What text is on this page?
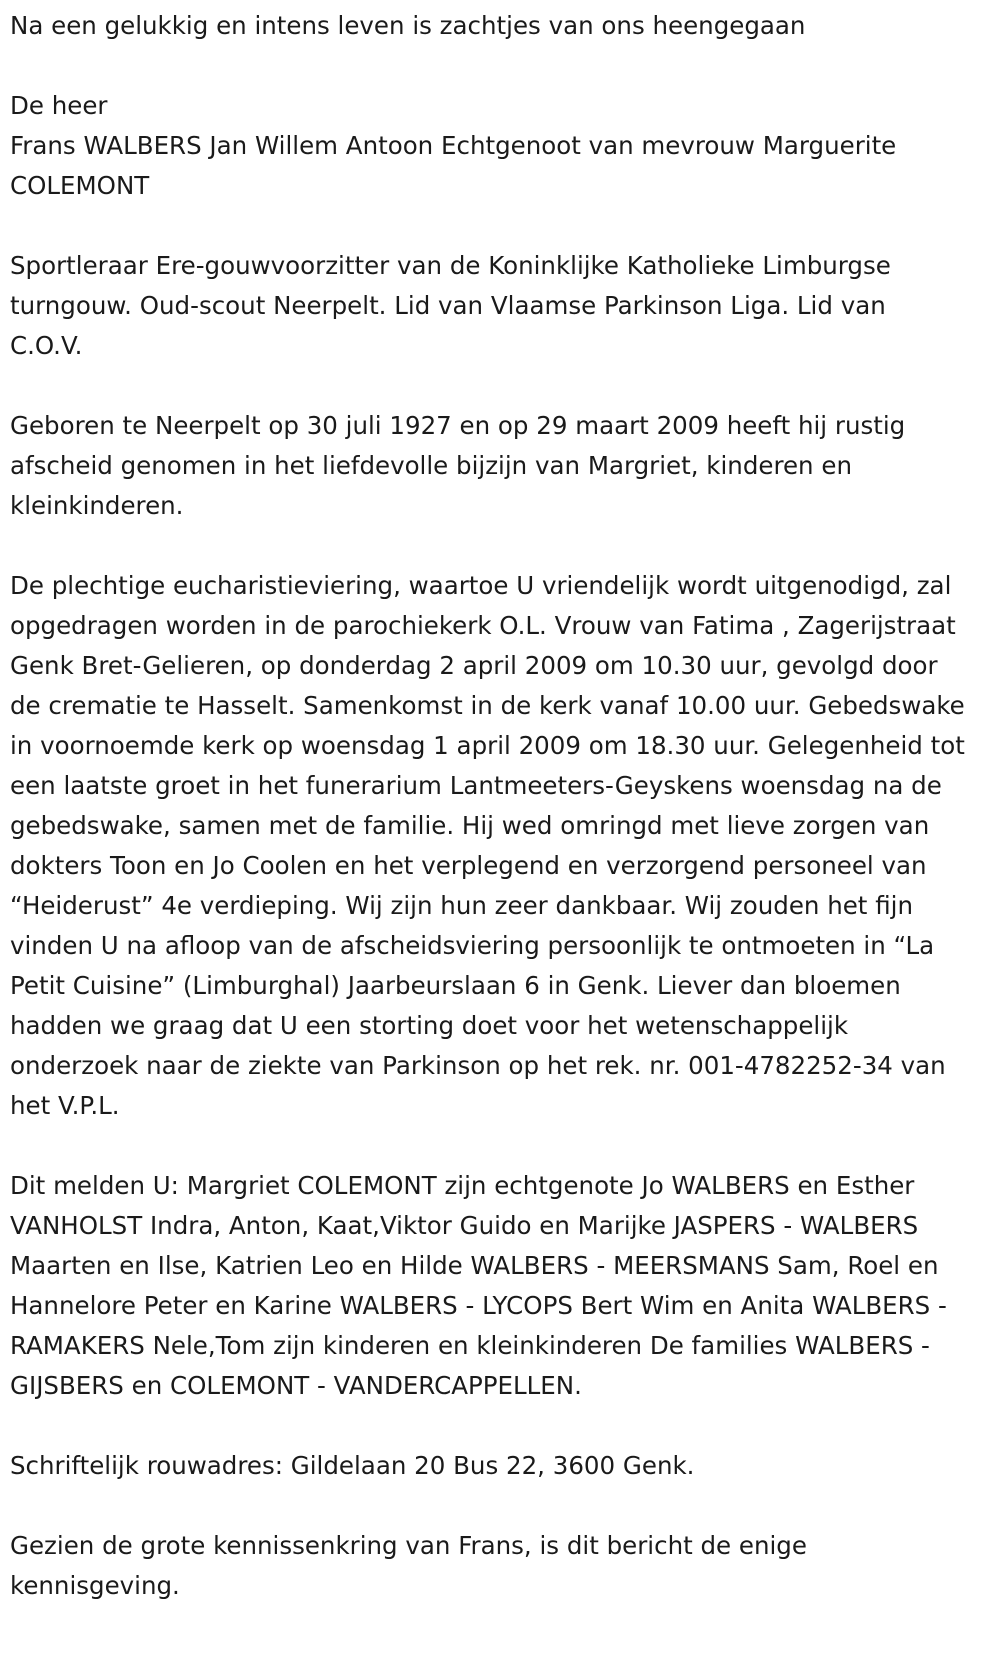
Na een gelukkig en intens leven is zachtjes van ons heengegaan

De heer

Frans WALBERS Jan Willem Antoon Echtgenoot van mevrouw Marguerite COLEMONT

Sportleraar Ere-gouwvoorzitter van de Koninklijke Katholieke Limburgse turngouw. Oud-scout Neerpelt. Lid van Vlaamse Parkinson Liga. Lid van C.O.V.

Geboren te Neerpelt op 30 juli 1927 en op 29 maart 2009 heeft hij rustig afscheid genomen in het liefdevolle bijzijn van Margriet, kinderen en kleinkinderen.

De plechtige eucharistieviering, waartoe U vriendelijk wordt uitgenodigd, zal opgedragen worden in de parochiekerk O.L. Vrouw van Fatima , Zagerijstraat Genk Bret-Gelieren, op donderdag 2 april 2009 om 10.30 uur, gevolgd door de crematie te Hasselt. Samenkomst in de kerk vanaf 10.00 uur. Gebedswake in voornoemde kerk op woensdag 1 april 2009 om 18.30 uur. Gelegenheid tot een laatste groet in het funerarium Lantmeeters-Geyskens woensdag na de gebedswake, samen met de familie. Hij wed omringd met lieve zorgen van dokters Toon en Jo Coolen en het verplegend en verzorgend personeel van “Heiderust” 4e verdieping. Wij zijn hun zeer dankbaar. Wij zouden het fijn vinden U na afloop van de afscheidsviering persoonlijk te ontmoeten in “La Petit Cuisine” (Limburghal) Jaarbeurslaan 6 in Genk. Liever dan bloemen hadden we graag dat U een storting doet voor het wetenschappelijk onderzoek naar de ziekte van Parkinson op het rek. nr. 001-4782252-34 van het V.P.L.

Dit melden U: Margriet COLEMONT zijn echtgenote Jo WALBERS en Esther VANHOLST Indra, Anton, Kaat,Viktor Guido en Marijke JASPERS - WALBERS Maarten en Ilse, Katrien Leo en Hilde WALBERS - MEERSMANS Sam, Roel en Hannelore Peter en Karine WALBERS - LYCOPS Bert Wim en Anita WALBERS - RAMAKERS Nele,Tom zijn kinderen en kleinkinderen De families WALBERS - GIJSBERS en COLEMONT - VANDERCAPPELLEN.

Schriftelijk rouwadres: Gildelaan 20 Bus 22, 3600 Genk.

Gezien de grote kennissenkring van Frans, is dit bericht de enige kennisgeving.
